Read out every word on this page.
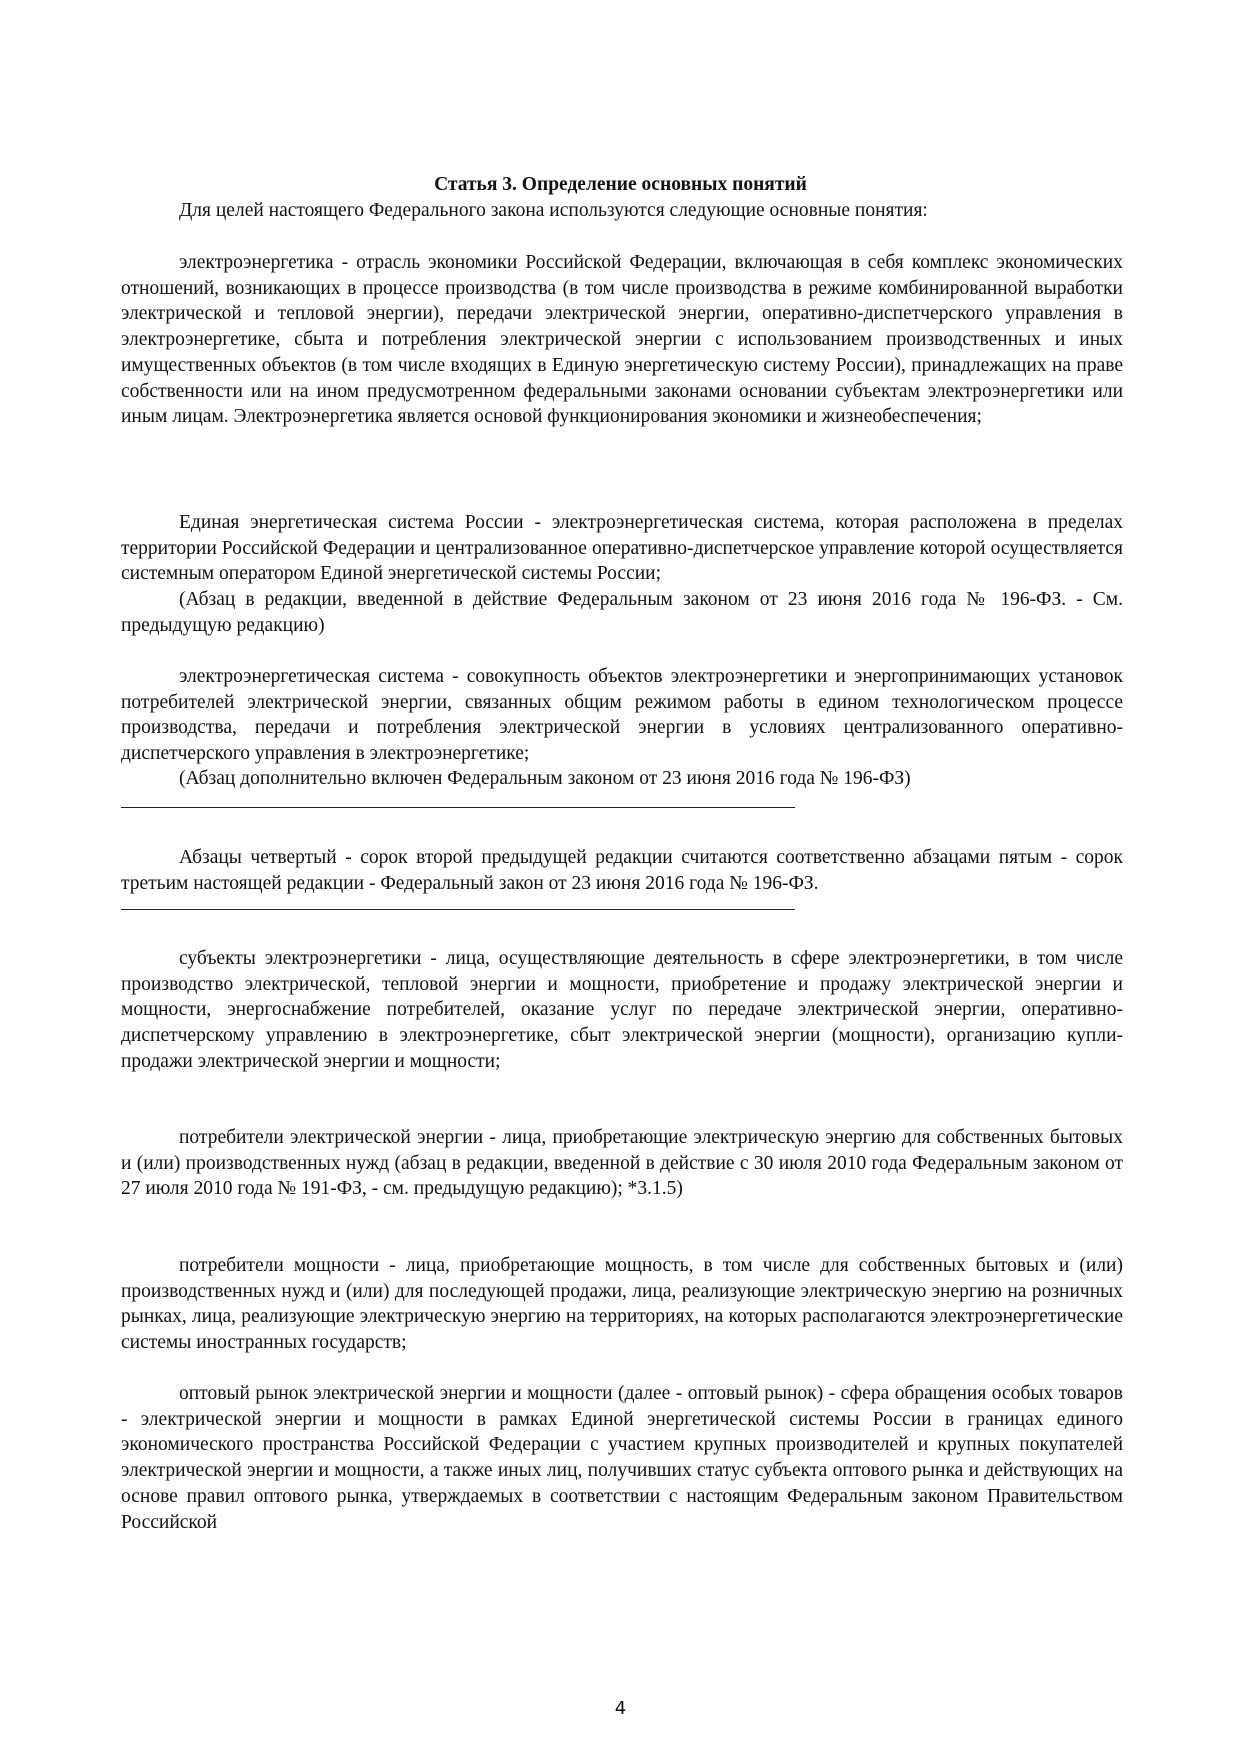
Статья 3. Определение основных понятий

Для целей настоящего Федерального закона используются следующие основные понятия:

электроэнергетика - отрасль экономики Российской Федерации, включающая в себя комплекс экономических отношений, возникающих в процессе производства (в том числе производства в режиме комбинированной выработки электрической и тепловой энергии), передачи электрической энергии, оперативно-диспетчерского управления в электроэнергетике, сбыта и потребления электрической энергии с использованием производственных и иных имущественных объектов (в том числе входящих в Единую энергетическую систему России), принадлежащих на праве собственности или на ином предусмотренном федеральными законами основании субъектам электроэнергетики или иным лицам. Электроэнергетика является основой функционирования экономики и жизнеобеспечения;

Единая энергетическая система России - электроэнергетическая система, которая расположена в пределах территории Российской Федерации и централизованное оперативно-диспетчерское управление которой осуществляется системным оператором Единой энергетической системы России;

(Абзац в редакции, введенной в действие Федеральным законом от 23 июня 2016 года № 196-ФЗ. - См. предыдущую редакцию)

электроэнергетическая система - совокупность объектов электроэнергетики и энергопринимающих установок потребителей электрической энергии, связанных общим режимом работы в едином технологическом процессе производства, передачи и потребления электрической энергии в условиях централизованного оперативно-диспетчерского управления в электроэнергетике;

(Абзац дополнительно включен Федеральным законом от 23 июня 2016 года № 196-ФЗ)

Абзацы четвертый - сорок второй предыдущей редакции считаются соответственно абзацами пятым - сорок третьим настоящей редакции - Федеральный закон от 23 июня 2016 года № 196-ФЗ.

субъекты электроэнергетики - лица, осуществляющие деятельность в сфере электроэнергетики, в том числе производство электрической, тепловой энергии и мощности, приобретение и продажу электрической энергии и мощности, энергоснабжение потребителей, оказание услуг по передаче электрической энергии, оперативно-диспетчерскому управлению в электроэнергетике, сбыт электрической энергии (мощности), организацию купли-продажи электрической энергии и мощности;

потребители электрической энергии - лица, приобретающие электрическую энергию для собственных бытовых и (или) производственных нужд (абзац в редакции, введенной в действие с 30 июля 2010 года Федеральным законом от 27 июля 2010 года № 191-ФЗ, - см. предыдущую редакцию); *3.1.5)

потребители мощности - лица, приобретающие мощность, в том числе для собственных бытовых и (или) производственных нужд и (или) для последующей продажи, лица, реализующие электрическую энергию на розничных рынках, лица, реализующие электрическую энергию на территориях, на которых располагаются электроэнергетические системы иностранных государств;

оптовый рынок электрической энергии и мощности (далее - оптовый рынок) - сфера обращения особых товаров - электрической энергии и мощности в рамках Единой энергетической системы России в границах единого экономического пространства Российской Федерации с участием крупных производителей и крупных покупателей электрической энергии и мощности, а также иных лиц, получивших статус субъекта оптового рынка и действующих на основе правил оптового рынка, утверждаемых в соответствии с настоящим Федеральным законом Правительством Российской

4
